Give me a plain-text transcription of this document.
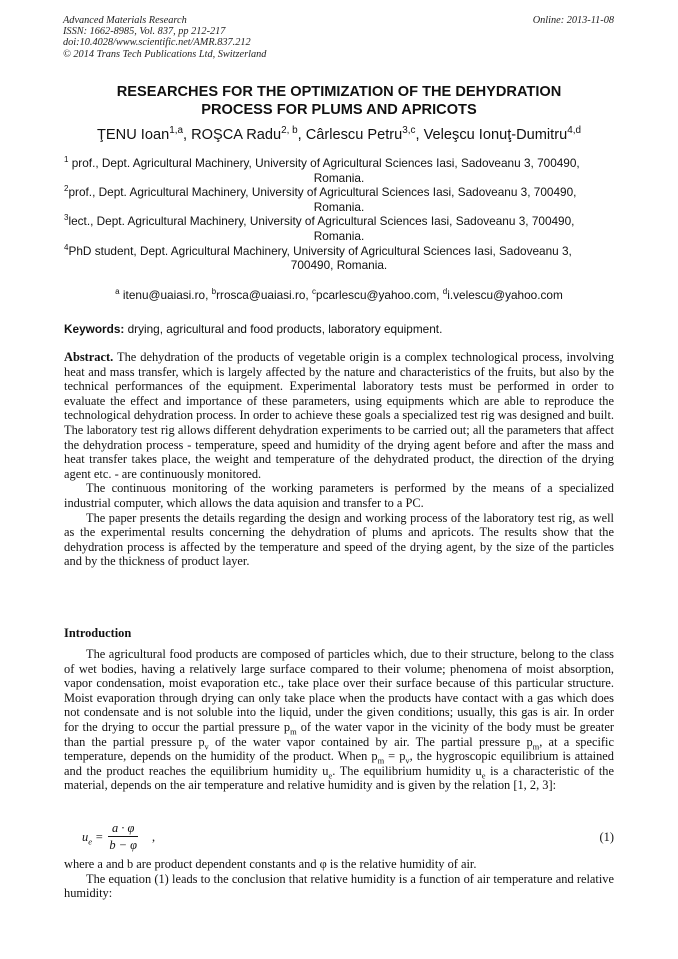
Advanced Materials Research
ISSN: 1662-8985, Vol. 837, pp 212-217
doi:10.4028/www.scientific.net/AMR.837.212
© 2014 Trans Tech Publications Ltd, Switzerland
Online: 2013-11-08
RESEARCHES FOR THE OPTIMIZATION OF THE DEHYDRATION
PROCESS FOR PLUMS AND APRICOTS
ŢENU Ioan$^{1,a}$, ROŞCA Radu$^{2, b}$, Cârlescu Petru$^{3,c}$, Veleşcu Ionuţ-Dumitru$^{4,d}$

$^1$ prof., Dept. Agricultural Machinery, University of Agricultural Sciences Iasi, Sadoveanu 3, 700490,
Romania.

$^2$prof., Dept. Agricultural Machinery, University of Agricultural Sciences Iasi, Sadoveanu 3, 700490,
Romania.

$^3$lect., Dept. Agricultural Machinery, University of Agricultural Sciences Iasi, Sadoveanu 3, 700490,
Romania.

$^4$PhD student, Dept. Agricultural Machinery, University of Agricultural Sciences Iasi, Sadoveanu 3,
700490, Romania.

$^a$ itenu@uaiasi.ro, $^b$rrosca@uaiasi.ro, $^c$pcarlescu@yahoo.com, $^d$i.velescu@yahoo.com
Keywords: drying, agricultural and food products, laboratory equipment.

Abstract. The dehydration of the products of vegetable origin is a complex technological process, involving heat and mass transfer, which is largely affected by the nature and characteristics of the fruits, but also by the technical performances of the equipment. Experimental laboratory tests must be performed in order to evaluate the effect and importance of these parameters, using equipments which are able to reproduce the technological dehydration process. In order to achieve these goals a specialized test rig was designed and built. The laboratory test rig allows different dehydration experiments to be carried out; all the parameters that affect the dehydration process - temperature, speed and humidity of the drying agent before and after the mass and heat transfer takes place, the weight and temperature of the dehydrated product, the direction of the drying agent etc. - are continuously monitored.

The continuous monitoring of the working parameters is performed by the means of a specialized industrial computer, which allows the data aquision and transfer to a PC.

The paper presents the details regarding the design and working process of the laboratory test rig, as well as the experimental results concerning the dehydration of plums and apricots. The results show that the dehydration process is affected by the temperature and speed of the drying agent, by the size of the particles and by the thickness of product layer.

Introduction

The agricultural food products are composed of particles which, due to their structure, belong to the class of wet bodies, having a relatively large surface compared to their volume; phenomena of moist absorption, vapor condensation, moist evaporation etc., take place over their surface because of this particular structure. Moist evaporation through drying can only take place when the products have contact with a gas which does not condensate and is not soluble into the liquid, under the given conditions; usually, this gas is air. In order for the drying to occur the partial pressure $p_m$ of the water vapor in the vicinity of the body must be greater than the partial pressure $p_v$ of the water vapor contained by air. The partial pressure $p_m$, at a specific temperature, depends on the humidity of the product. When $p_m = p_v$, the hygroscopic equilibrium is attained and the product reaches the equilibrium humidity $u_e$. The equilibrium humidity $u_e$ is a characteristic of the material, depends on the air temperature and relative humidity and is given by the relation [1, 2, 3]:

$u_e = \frac{a \cdot \varphi}{b - \varphi}$ ,	(1)

where a and b are product dependent constants and φ is the relative humidity of air.

The equation (1) leads to the conclusion that relative humidity is a function of air temperature and relative humidity:
